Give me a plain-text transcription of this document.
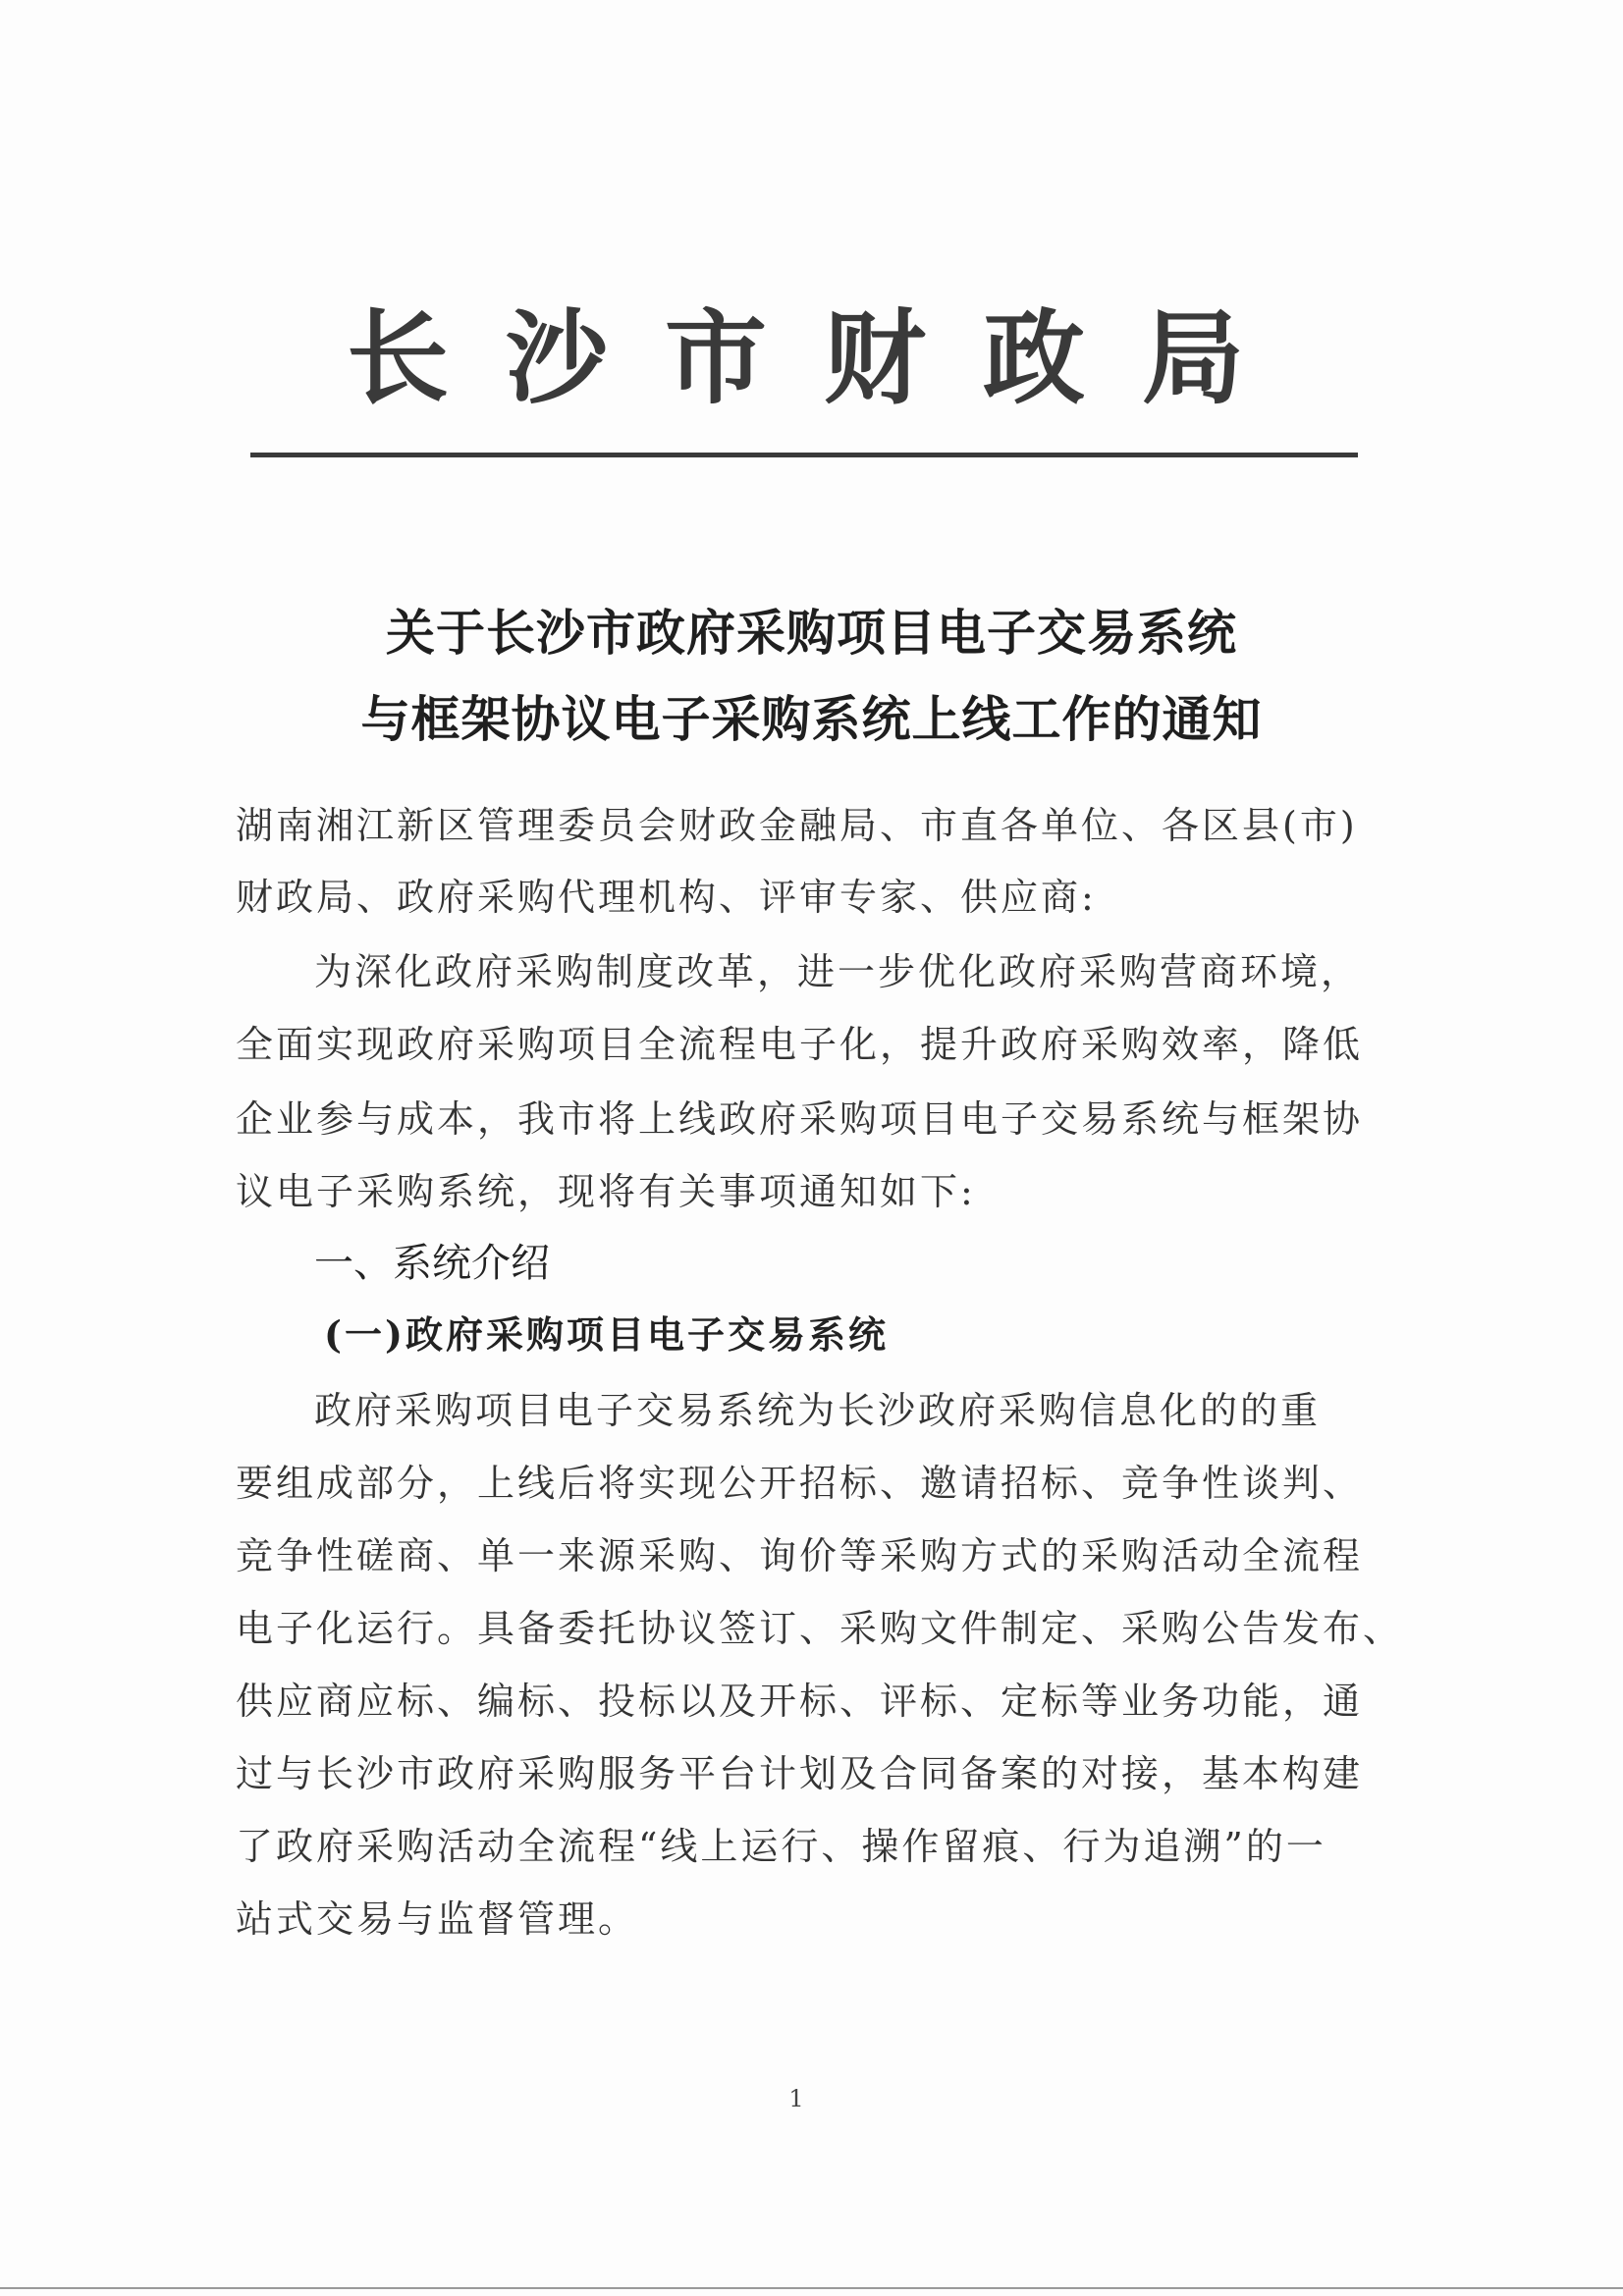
长 沙 市 财 政 局
关于长沙市政府采购项目电子交易系统
与框架协议电子采购系统上线工作的通知
湖南湘江新区管理委员会财政金融局、市直各单位、各区县(市)
财政局、政府采购代理机构、评审专家、供应商:
为深化政府采购制度改革，进一步优化政府采购营商环境，
全面实现政府采购项目全流程电子化，提升政府采购效率，降低
企业参与成本，我市将上线政府采购项目电子交易系统与框架协
议电子采购系统，现将有关事项通知如下:
一、系统介绍
(一)政府采购项目电子交易系统
政府采购项目电子交易系统为长沙政府采购信息化的的重
要组成部分，上线后将实现公开招标、邀请招标、竞争性谈判、
竞争性磋商、单一来源采购、询价等采购方式的采购活动全流程
电子化运行。具备委托协议签订、采购文件制定、采购公告发布、
供应商应标、编标、投标以及开标、评标、定标等业务功能，通
过与长沙市政府采购服务平台计划及合同备案的对接，基本构建
了政府采购活动全流程“线上运行、操作留痕、行为追溯”的一
站式交易与监督管理。
1
